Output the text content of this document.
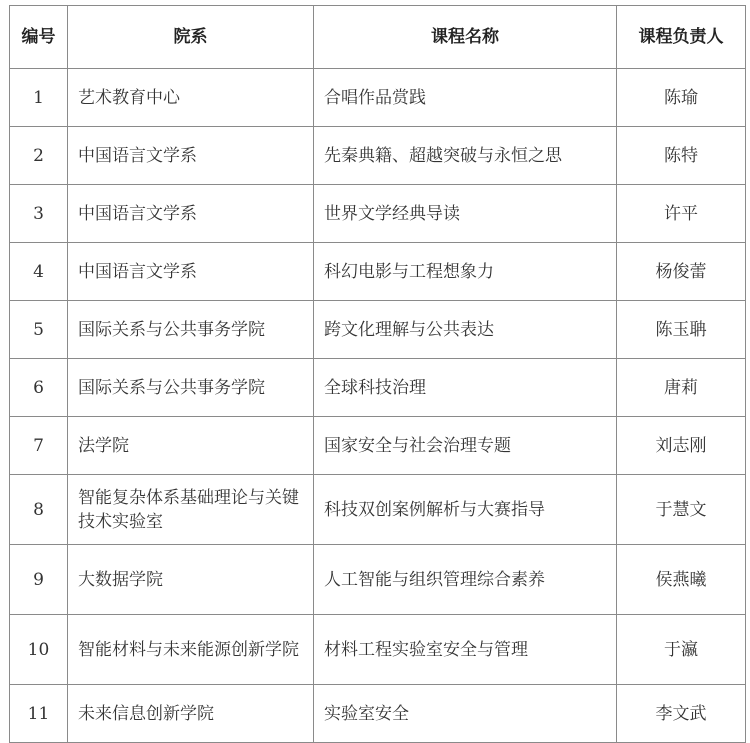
编号	院系	课程名称	课程负责人
1	艺术教育中心	合唱作品赏践	陈瑜
2	中国语言文学系	先秦典籍、超越突破与永恒之思	陈特
3	中国语言文学系	世界文学经典导读	许平
4	中国语言文学系	科幻电影与工程想象力	杨俊蕾
5	国际关系与公共事务学院	跨文化理解与公共表达	陈玉聃
6	国际关系与公共事务学院	全球科技治理	唐莉
7	法学院	国家安全与社会治理专题	刘志刚
8	智能复杂体系基础理论与关键技术实验室	科技双创案例解析与大赛指导	于慧文
9	大数据学院	人工智能与组织管理综合素养	侯燕曦
10	智能材料与未来能源创新学院	材料工程实验室安全与管理	于瀛
11	未来信息创新学院	实验室安全	李文武
